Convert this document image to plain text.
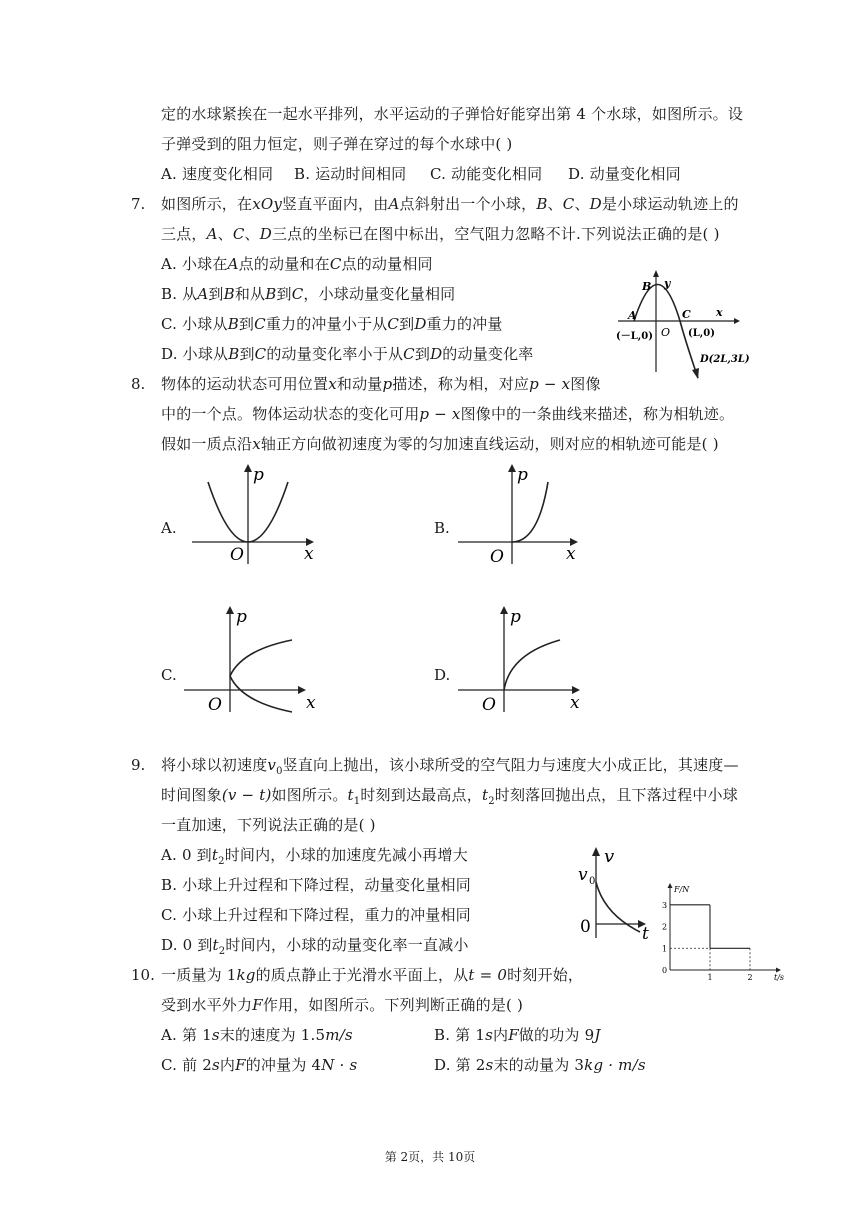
定的水球紧挨在一起水平排列，水平运动的子弹恰好能穿出第 4 个水球，如图所示。设
子弹受到的阻力恒定，则子弹在穿过的每个水球中( )
A. 速度变化相同 B. 运动时间相同 C. 动能变化相同 D. 动量变化相同
7. 如图所示，在xOy竖直平面内，由A点斜射出一个小球，B、C、D是小球运动轨迹上的
三点，A、C、D三点的坐标已在图中标出，空气阻力忽略不计.下列说法正确的是( )
A. 小球在A点的动量和在C点的动量相同
B. 从A到B和从B到C，小球动量变化量相同
C. 小球从B到C重力的冲量小于从C到D重力的冲量
D. 小球从B到C的动量变化率小于从C到D的动量变化率
B y
A	C x
O
(－L,0)	(L,0)
D(2L,3L)
8. 物体的运动状态可用位置x和动量p描述，称为相，对应p − x图像
中的一个点。物体运动状态的变化可用p − x图像中的一条曲线来描述，称为相轨迹。
假如一质点沿x轴正方向做初速度为零的匀加速直线运动，则对应的相轨迹可能是( )
A.
p
x
O
B.
p
x
O
C.
p
x
O
D.
p
x
O
9. 将小球以初速度$v_0$竖直向上抛出，该小球所受的空气阻力与速度大小成正比，其速度—
时间图象(v − t)如图所示。$t_1$时刻到达最高点，$t_2$时刻落回抛出点，且下落过程中小球
一直加速，下列说法正确的是( )
A. 0 到$t_2$时间内，小球的加速度先减小再增大
B. 小球上升过程和下降过程，动量变化量相同
C. 小球上升过程和下降过程，重力的冲量相同
D. 0 到$t_2$时间内，小球的动量变化率一直减小
v
v 0
0	t
10. 一质量为 1kg的质点静止于光滑水平面上，从t = 0时刻开始，
受到水平外力F作用，如图所示。下列判断正确的是( )
A. 第 1s末的速度为 1.5m/s	B. 第 1s内F做的功为 9J
C. 前 2s内F的冲量为 4N · s	D. 第 2s末的动量为 3kg · m/s
1	2
0
1
2
3
F/N
t/s
第 2页，共 10页
